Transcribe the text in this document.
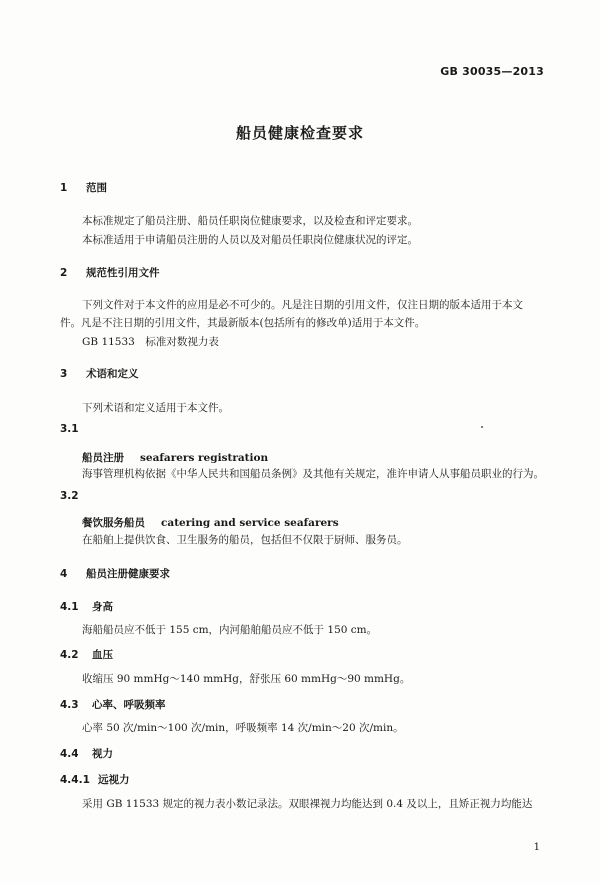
GB 30035—2013
船员健康检查要求
1 范围
本标准规定了船员注册、船员任职岗位健康要求，以及检查和评定要求。
本标准适用于申请船员注册的人员以及对船员任职岗位健康状况的评定。
2 规范性引用文件
下列文件对于本文件的应用是必不可少的。凡是注日期的引用文件，仅注日期的版本适用于本文
件。凡是不注日期的引用文件，其最新版本(包括所有的修改单)适用于本文件。
GB 11533　标准对数视力表
3 术语和定义
下列术语和定义适用于本文件。
3.1
船员注册 seafarers registration
海事管理机构依据《中华人民共和国船员条例》及其他有关规定，准许申请人从事船员职业的行为。
3.2
餐饮服务船员 catering and service seafarers
在船舶上提供饮食、卫生服务的船员，包括但不仅限于厨师、服务员。
4 船员注册健康要求
4.1 身高
海船船员应不低于 155 cm，内河船舶船员应不低于 150 cm。
4.2 血压
收缩压 90 mmHg～140 mmHg，舒张压 60 mmHg～90 mmHg。
4.3 心率、呼吸频率
心率 50 次/min～100 次/min，呼吸频率 14 次/min～20 次/min。
4.4 视力
4.4.1 远视力
采用 GB 11533 规定的视力表小数记录法。双眼裸视力均能达到 0.4 及以上，且矫正视力均能达
1
